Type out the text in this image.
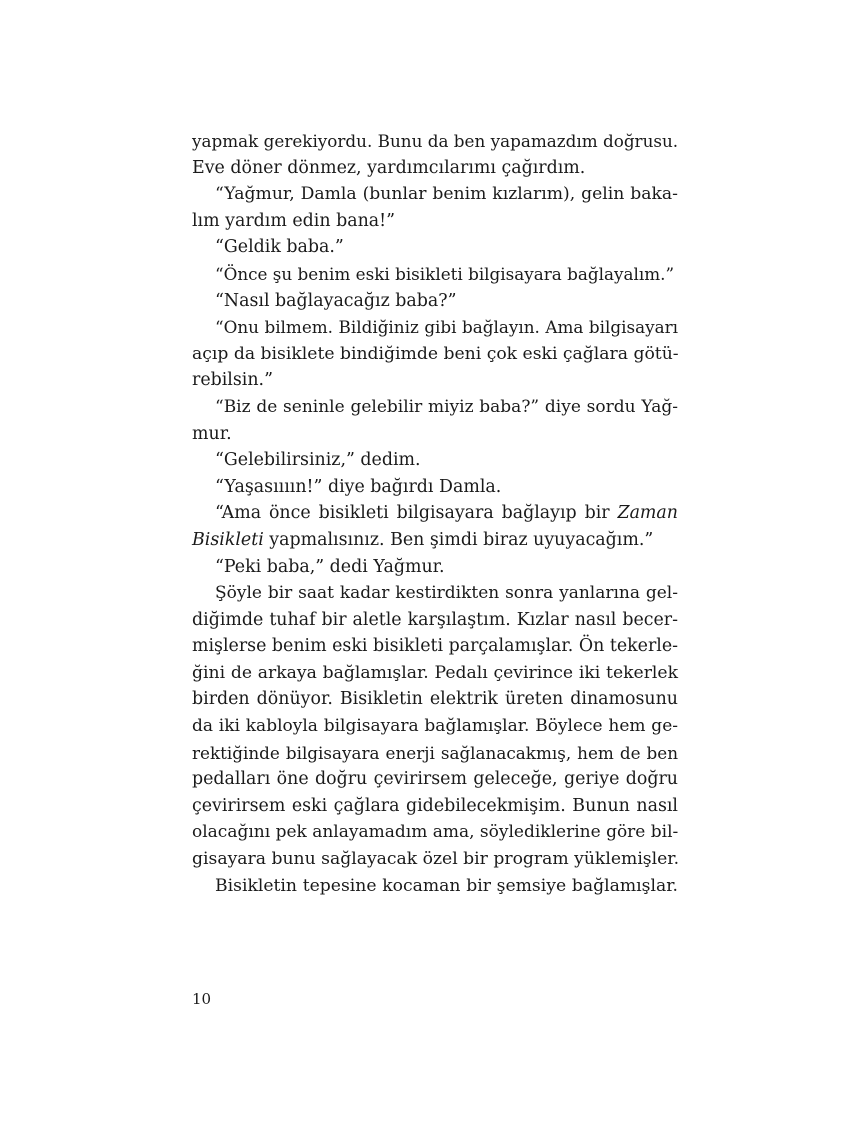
yapmak gerekiyordu. Bunu da ben yapamazdım doğrusu.
Eve döner dönmez, yardımcılarımı çağırdım.
“Yağmur, Damla (bunlar benim kızlarım), gelin baka-
lım yardım edin bana!”
“Geldik baba.”
“Önce şu benim eski bisikleti bilgisayara bağlayalım.”
“Nasıl bağlayacağız baba?”
“Onu bilmem. Bildiğiniz gibi bağlayın. Ama bilgisayarı
açıp da bisiklete bindiğimde beni çok eski çağlara götü-
rebilsin.”
“Biz de seninle gelebilir miyiz baba?” diye sordu Yağ-
mur.
“Gelebilirsiniz,” dedim.
“Yaşasıııın!” diye bağırdı Damla.
“Ama önce bisikleti bilgisayara bağlayıp bir Zaman
Bisikleti yapmalısınız. Ben şimdi biraz uyuyacağım.”
“Peki baba,” dedi Yağmur.
Şöyle bir saat kadar kestirdikten sonra yanlarına gel-
diğimde tuhaf bir aletle karşılaştım. Kızlar nasıl becer-
mişlerse benim eski bisikleti parçalamışlar. Ön tekerle-
ğini de arkaya bağlamışlar. Pedalı çevirince iki tekerlek
birden dönüyor. Bisikletin elektrik üreten dinamosunu
da iki kabloyla bilgisayara bağlamışlar. Böylece hem ge-
rektiğinde bilgisayara enerji sağlanacakmış, hem de ben
pedalları öne doğru çevirirsem geleceğe, geriye doğru
çevirirsem eski çağlara gidebilecekmişim. Bunun nasıl
olacağını pek anlayamadım ama, söylediklerine göre bil-
gisayara bunu sağlayacak özel bir program yüklemişler.
Bisikletin tepesine kocaman bir şemsiye bağlamışlar.
10
